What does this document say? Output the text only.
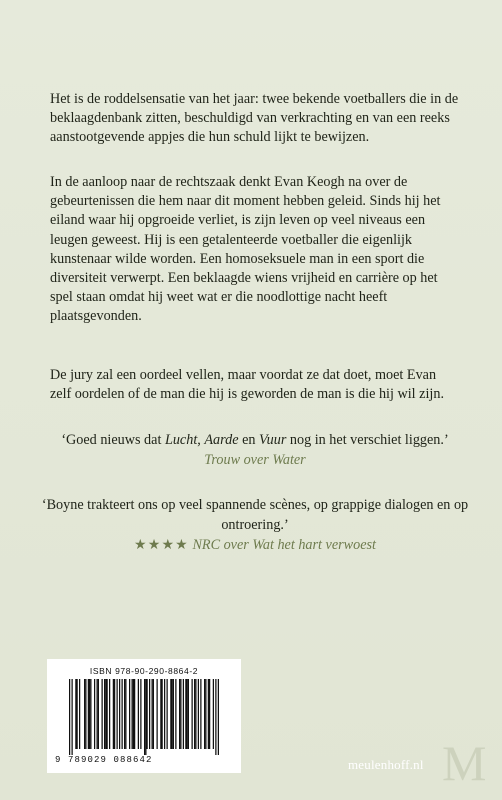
Het is de roddelsensatie van het jaar: twee bekende voetballers die in de beklaagdenbank zitten, beschuldigd van verkrachting en van een reeks aanstootgevende appjes die hun schuld lijkt te bewijzen.

In de aanloop naar de rechtszaak denkt Evan Keogh na over de gebeurtenissen die hem naar dit moment hebben geleid. Sinds hij het eiland waar hij opgroeide verliet, is zijn leven op veel niveaus een leugen geweest. Hij is een getalenteerde voetballer die eigenlijk kunstenaar wilde worden. Een homoseksuele man in een sport die diversiteit verwerpt. Een beklaagde wiens vrijheid en carrière op het spel staan omdat hij weet wat er die noodlottige nacht heeft plaatsgevonden.

De jury zal een oordeel vellen, maar voordat ze dat doet, moet Evan zelf oordelen of de man die hij is geworden de man is die hij wil zijn.

‘Goed nieuws dat Lucht, Aarde en Vuur nog in het verschiet liggen.’
Trouw over Water
‘Boyne trakteert ons op veel spannende scènes, op grappige dialogen en op ontroering.’
★★★★ NRC over Wat het hart verwoest
ISBN 978-90-290-8864-2
9 789029 088642	meulenhoff.nl M
